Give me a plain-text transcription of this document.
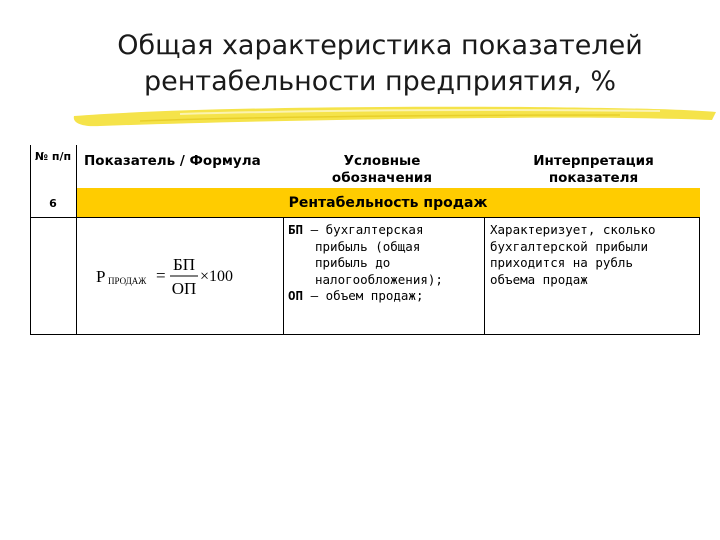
Общая характеристика показателей
рентабельности предприятия, %
№ п/п Показатель / Формула	Условные обозначения
Интерпретация показателя
6	Рентабельность продаж
Р ПРОДАЖ =
БП
ОП
×100
БП – бухгалтерская
прибыль (общая
прибыль до
налогообложения);
ОП – объем продаж;
Характеризует, сколько
бухгалтерской прибыли
приходится на рубль
объема продаж
